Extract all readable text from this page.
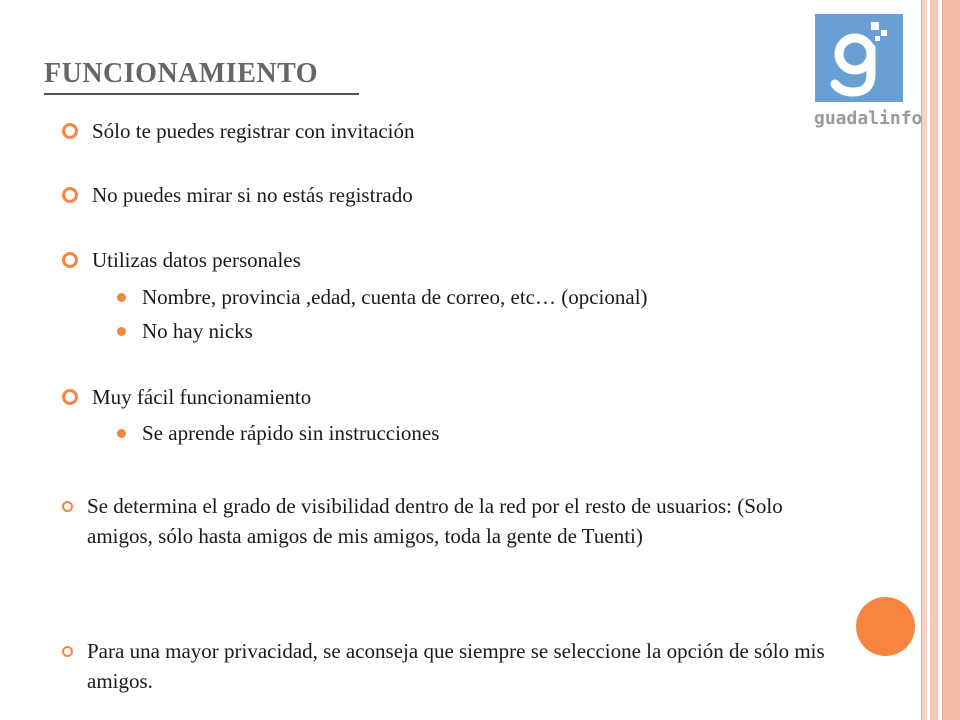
guadalinfo
FUNCIONAMIENTO
Sólo te puedes registrar con invitación
No puedes mirar si no estás registrado
Utilizas datos personales
Nombre, provincia ,edad, cuenta de correo, etc… (opcional)
No hay nicks
Muy fácil funcionamiento
Se aprende rápido sin instrucciones
Se determina el grado de visibilidad dentro de la red por el resto de usuarios: (Solo amigos, sólo hasta amigos de mis amigos, toda la gente de Tuenti)
Para una mayor privacidad, se aconseja que siempre se seleccione la opción de sólo mis amigos.
